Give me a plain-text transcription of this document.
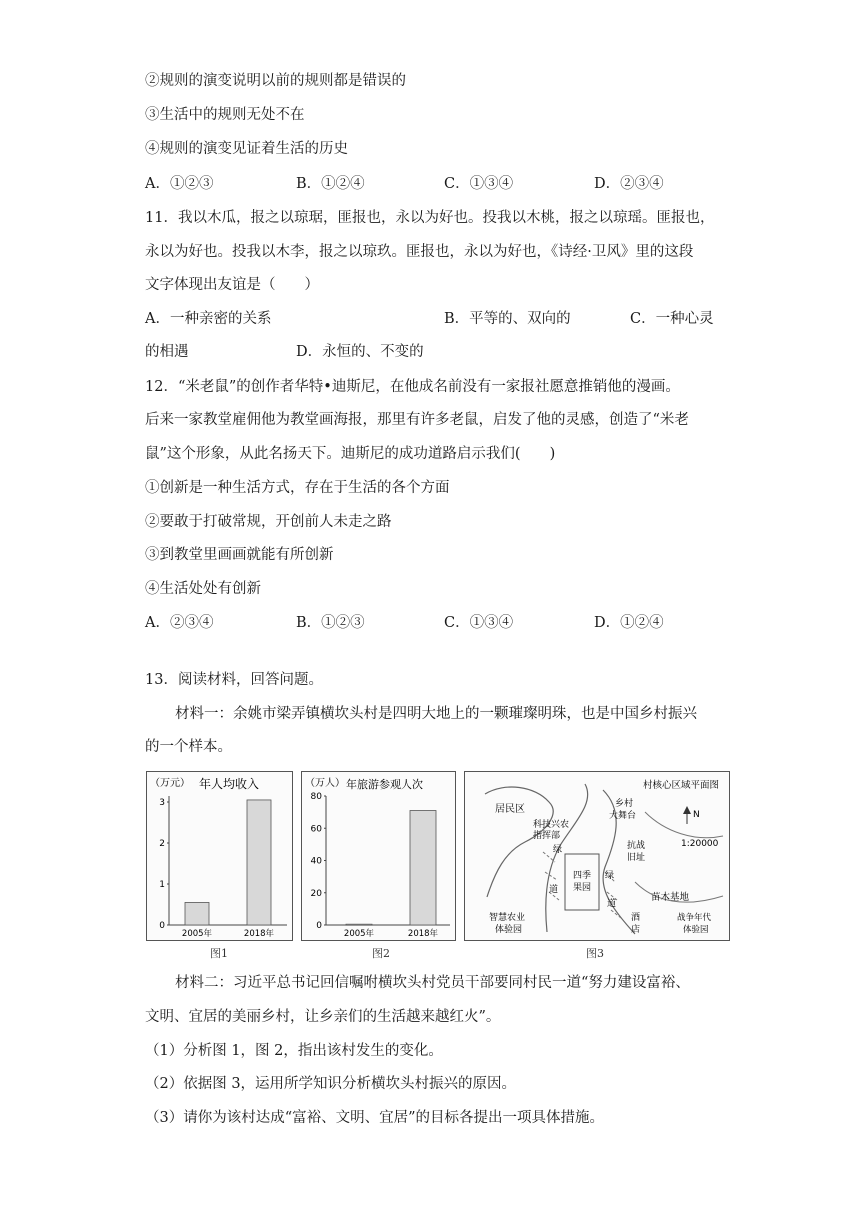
②规则的演变说明以前的规则都是错误的
③生活中的规则无处不在
④规则的演变见证着生活的历史
A．①②③	B．①②④	C．①③④	D．②③④
11．我以木瓜，报之以琼琚，匪报也，永以为好也。投我以木桃，报之以琼瑶。匪报也，
永以为好也。投我以木李，报之以琼玖。匪报也，永以为好也，《诗经·卫风》里的这段
文字体现出友谊是（　　）
A．一种亲密的关系	B．平等的、双向的	C．一种心灵
的相遇	D．永恒的、不变的
12．“米老鼠”的创作者华特•迪斯尼，在他成名前没有一家报社愿意推销他的漫画。
后来一家教堂雇佣他为教堂画海报，那里有许多老鼠，启发了他的灵感，创造了“米老
鼠”这个形象，从此名扬天下。迪斯尼的成功道路启示我们(　　)
①创新是一种生活方式，存在于生活的各个方面
②要敢于打破常规，开创前人未走之路
③到教堂里画画就能有所创新
④生活处处有创新
A．②③④	B．①②③	C．①③④	D．①②④
13．阅读材料，回答问题。
材料一：余姚市梁弄镇横坎头村是四明大地上的一颗璀璨明珠，也是中国乡村振兴
的一个样本。
（万元） 年人均收入
0
1
2
3
2005年	2018年
图1
（万人） 年旅游参观人次
0
20
40
60
80
2005年	2018年
图2
村核心区域平面图
居民区
科技兴农
指挥部
乡村
大舞台
抗战
旧址
四季
果园
苗木基地
智慧农业
体验园
酒
店
战争年代
体验园
绿
道
绿
道
N
1:20000
图3
材料二：习近平总书记回信嘱咐横坎头村党员干部要同村民一道“努力建设富裕、
文明、宜居的美丽乡村，让乡亲们的生活越来越红火”。
（1）分析图 1，图 2，指出该村发生的变化。
（2）依据图 3，运用所学知识分析横坎头村振兴的原因。
（3）请你为该村达成“富裕、文明、宜居”的目标各提出一项具体措施。
